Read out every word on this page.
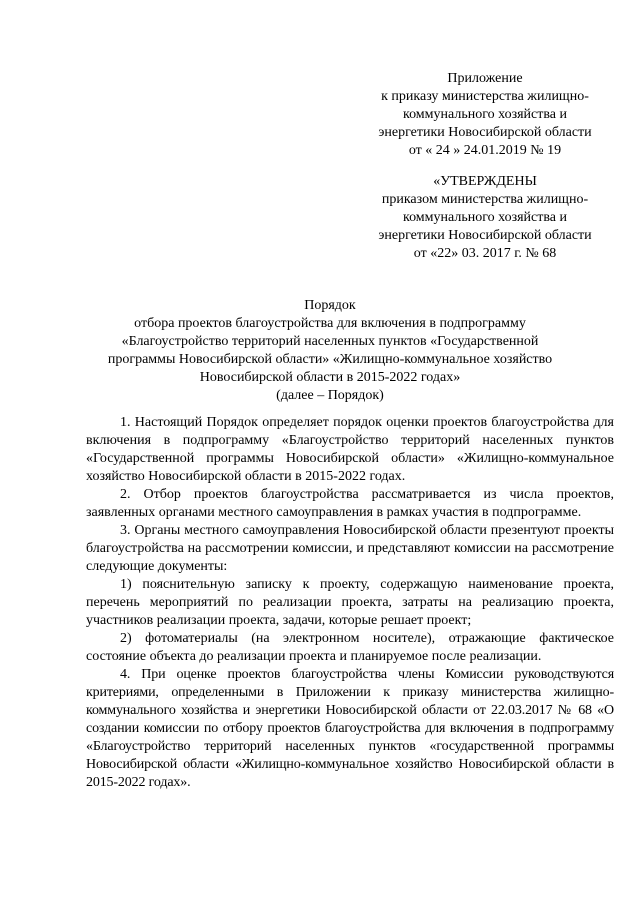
Приложение
к приказу министерства жилищно-
коммунального хозяйства и
энергетики Новосибирской области
от « 24 » 24.01.2019 № 19
«УТВЕРЖДЕНЫ
приказом министерства жилищно-
коммунального хозяйства и
энергетики Новосибирской области
от «22» 03. 2017 г. № 68
Порядок
отбора проектов благоустройства для включения в подпрограмму
«Благоустройство территорий населенных пунктов «Государственной
программы Новосибирской области» «Жилищно-коммунальное хозяйство
Новосибирской области в 2015-2022 годах»
(далее – Порядок)

1. Настоящий Порядок определяет порядок оценки проектов благоустройства для включения в подпрограмму «Благоустройство территорий населенных пунктов «Государственной программы Новосибирской области» «Жилищно-коммунальное хозяйство Новосибирской области в 2015-2022 годах.

2. Отбор проектов благоустройства рассматривается из числа проектов, заявленных органами местного самоуправления в рамках участия в подпрограмме.

3. Органы местного самоуправления Новосибирской области презентуют проекты благоустройства на рассмотрении комиссии, и представляют комиссии на рассмотрение следующие документы:

1) пояснительную записку к проекту, содержащую наименование проекта, перечень мероприятий по реализации проекта, затраты на реализацию проекта, участников реализации проекта, задачи, которые решает проект;

2) фотоматериалы (на электронном носителе), отражающие фактическое состояние объекта до реализации проекта и планируемое после реализации.

4. При оценке проектов благоустройства члены Комиссии руководствуются критериями, определенными в Приложении к приказу министерства жилищно-коммунального хозяйства и энергетики Новосибирской области от 22.03.2017 № 68 «О создании комиссии по отбору проектов благоустройства для включения в подпрограмму «Благоустройство территорий населенных пунктов «государственной программы Новосибирской области «Жилищно-коммунальное хозяйство Новосибирской области в 2015-2022 годах».
